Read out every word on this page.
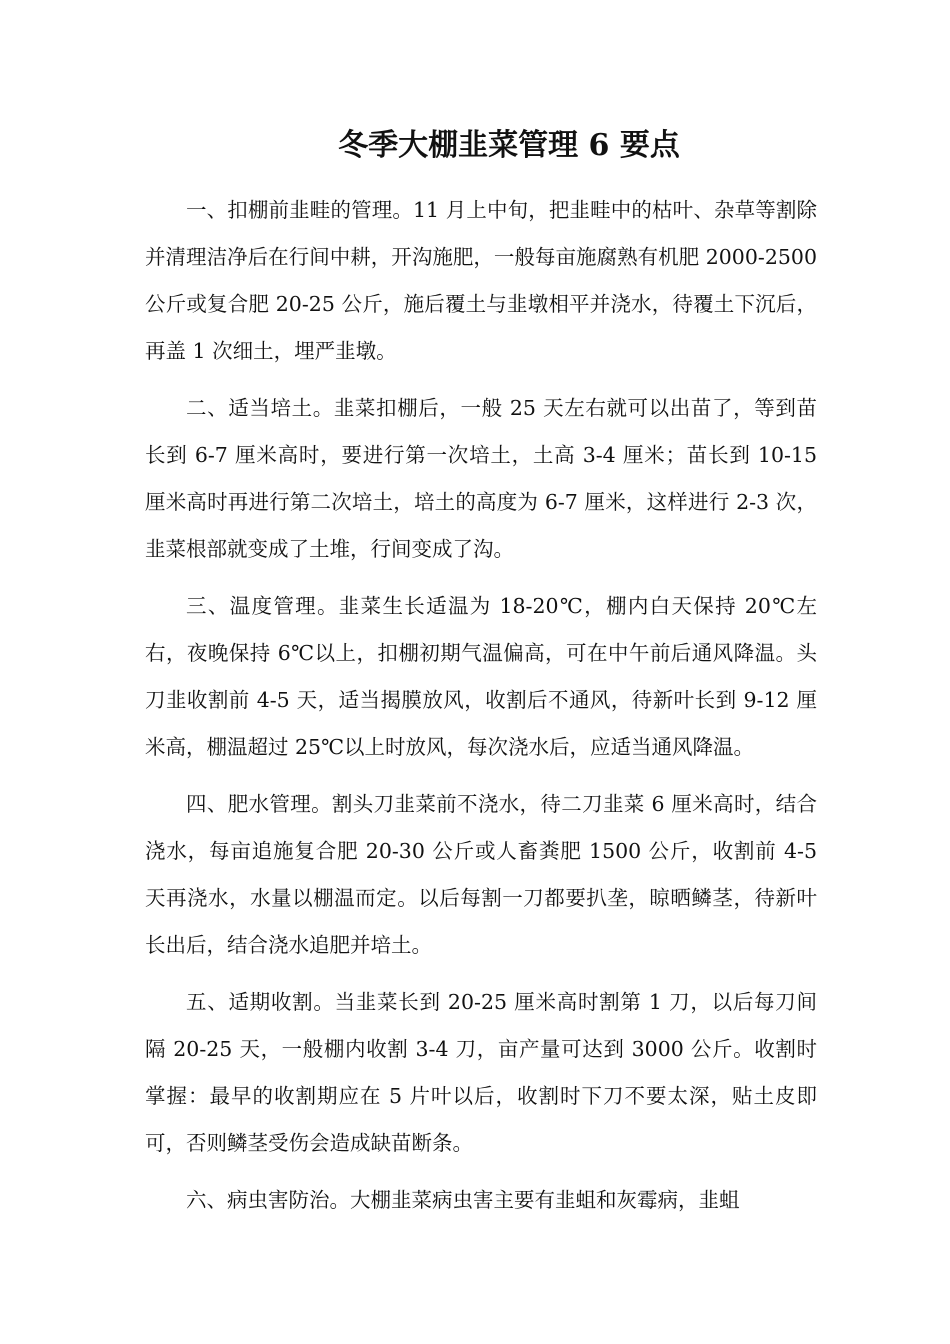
冬季大棚韭菜管理 6 要点

一、扣棚前韭畦的管理。11 月上中旬，把韭畦中的枯叶、杂草等割除并清理洁净后在行间中耕，开沟施肥，一般每亩施腐熟有机肥 2000-2500 公斤或复合肥 20-25 公斤，施后覆土与韭墩相平并浇水，待覆土下沉后，再盖 1 次细土，埋严韭墩。

二、适当培土。韭菜扣棚后，一般 25 天左右就可以出苗了，等到苗长到 6-7 厘米高时，要进行第一次培土，土高 3-4 厘米；苗长到 10-15 厘米高时再进行第二次培土，培土的高度为 6-7 厘米，这样进行 2-3 次，韭菜根部就变成了土堆，行间变成了沟。

三、温度管理。韭菜生长适温为 18-20℃，棚内白天保持 20℃左右，夜晚保持 6℃以上，扣棚初期气温偏高，可在中午前后通风降温。头刀韭收割前 4-5 天，适当揭膜放风，收割后不通风，待新叶长到 9-12 厘米高，棚温超过 25℃以上时放风，每次浇水后，应适当通风降温。

四、肥水管理。割头刀韭菜前不浇水，待二刀韭菜 6 厘米高时，结合浇水，每亩追施复合肥 20-30 公斤或人畜粪肥 1500 公斤，收割前 4-5 天再浇水，水量以棚温而定。以后每割一刀都要扒垄，晾晒鳞茎，待新叶长出后，结合浇水追肥并培土。

五、适期收割。当韭菜长到 20-25 厘米高时割第 1 刀，以后每刀间隔 20-25 天，一般棚内收割 3-4 刀，亩产量可达到 3000 公斤。收割时掌握：最早的收割期应在 5 片叶以后，收割时下刀不要太深，贴土皮即可，否则鳞茎受伤会造成缺苗断条。

六、病虫害防治。大棚韭菜病虫害主要有韭蛆和灰霉病，韭蛆
